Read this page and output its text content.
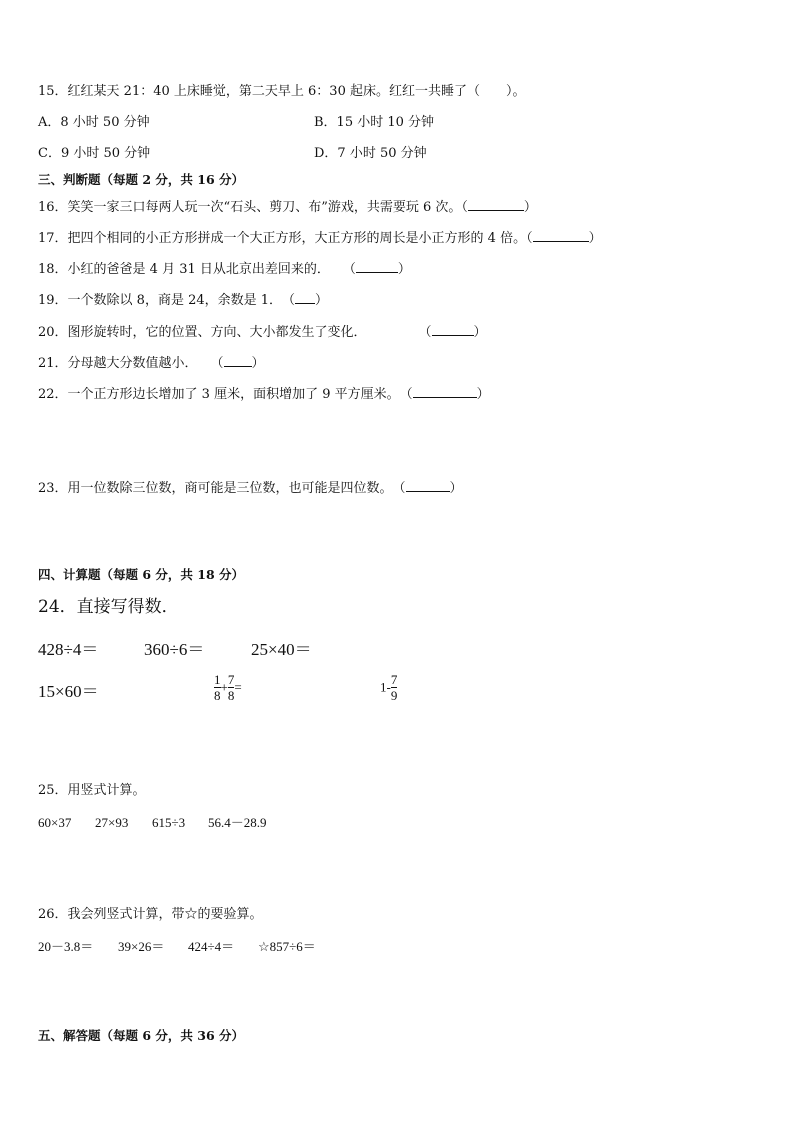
15．红红某天 21：40 上床睡觉，第二天早上 6：30 起床。红红一共睡了（　　）。
A．8 小时 50 分钟	B．15 小时 10 分钟
C．9 小时 50 分钟	D．7 小时 50 分钟
三、判断题（每题 2 分，共 16 分）
16．笑笑一家三口每两人玩一次“石头、剪刀、布”游戏，共需要玩 6 次。（	）
17．把四个相同的小正方形拼成一个大正方形，大正方形的周长是小正方形的 4 倍。（	）
18．小红的爸爸是 4 月 31 日从北京出差回来的．　　（	）
19．一个数除以 8，商是 24，余数是 1．　（ ）
20．图形旋转时，它的位置、方向、大小都发生了变化．　　　　　（	）
21．分母越大分数值越小．　　（ ）
22．一个正方形边长增加了 3 厘米，面积增加了 9 平方厘米。　（	）
23．用一位数除三位数，商可能是三位数，也可能是四位数。　（	）
四、计算题（每题 6 分，共 18 分）
24．直接写得数．
428÷4＝	360÷6＝	25×40＝
15×60＝	$\frac{1}{8} + \frac{7}{8}$ =	$1- \frac{7}{9}$
25．用竖式计算。
60×37 27×93 615÷3 56.4－28.9
26．我会列竖式计算，带☆的要验算。
20－3.8＝ 39×26＝ 424÷4＝ ☆857÷6＝
五、解答题（每题 6 分，共 36 分）
